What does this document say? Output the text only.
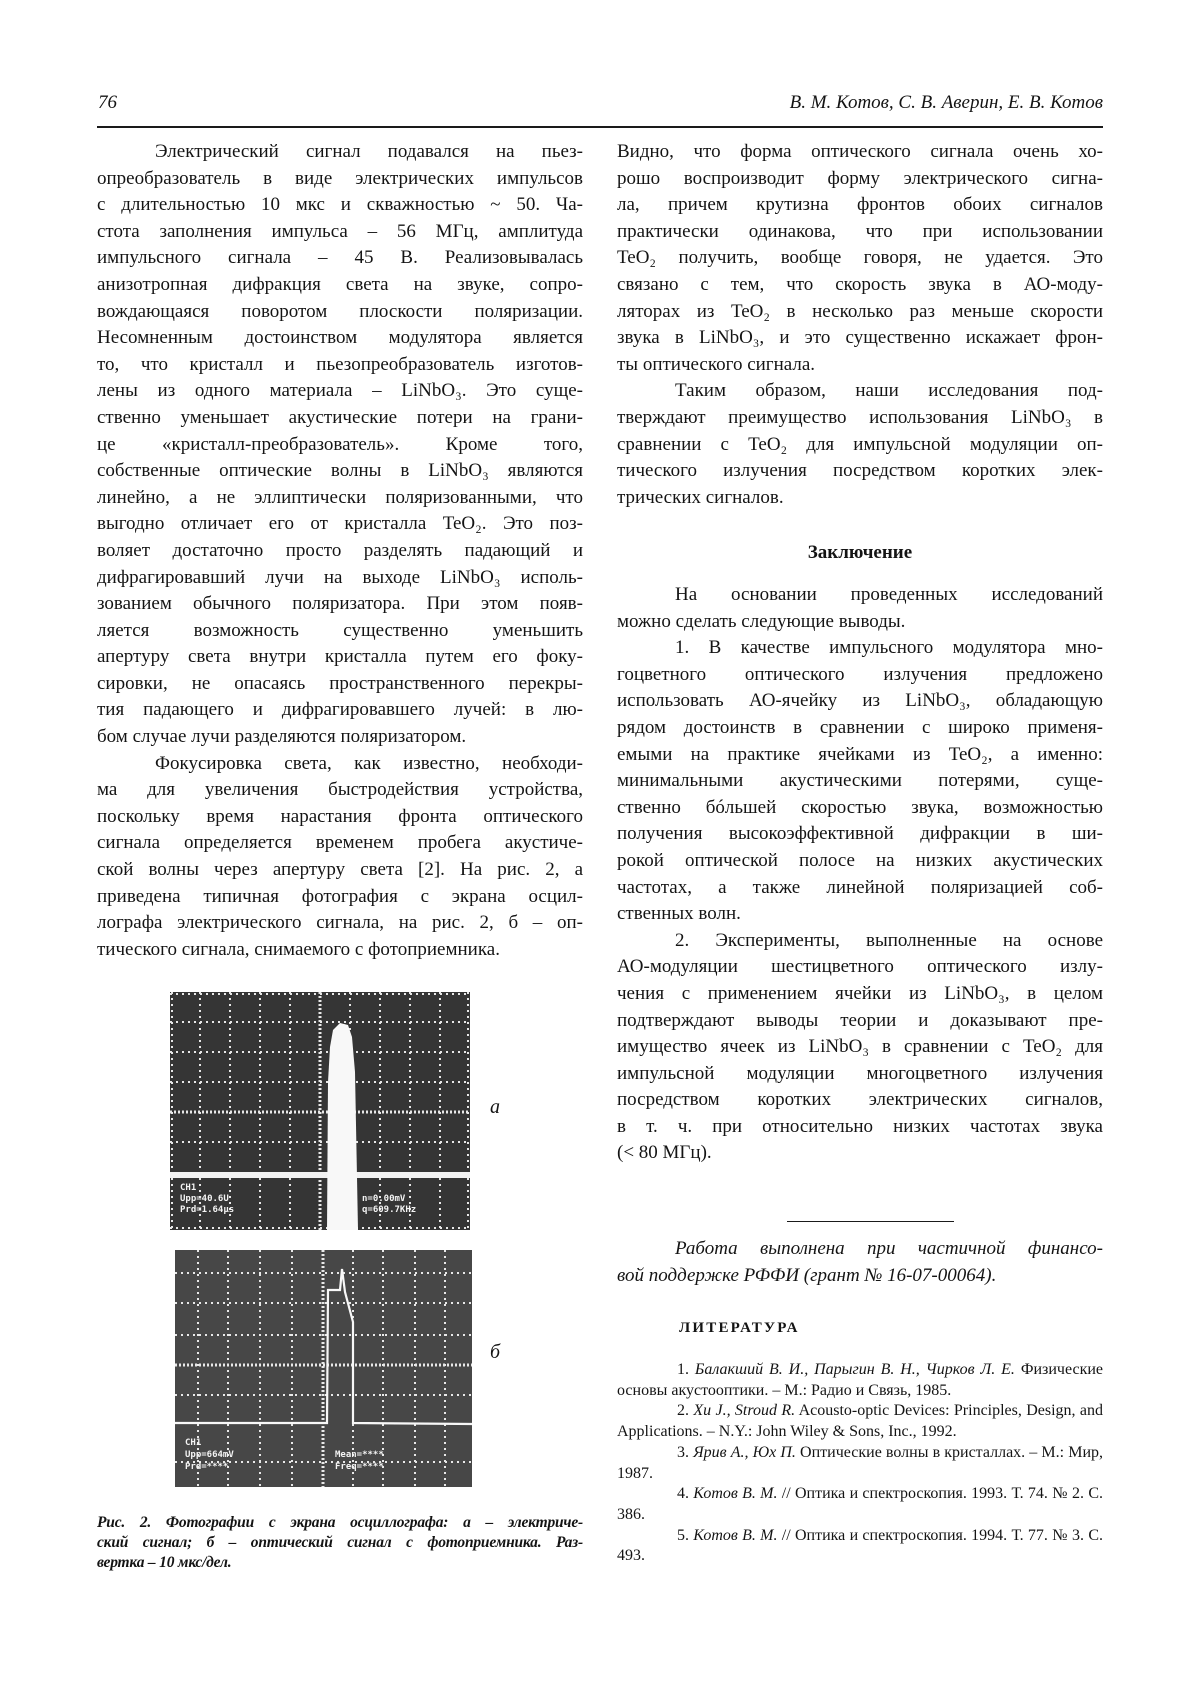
76	В. М. Котов, С. В. Аверин, Е. В. Котов
Электрический сигнал подавался на пьез-
опреобразователь в виде электрических импульсов
с длительностью 10 мкс и скважностью ~ 50. Ча-
стота заполнения импульса – 56 МГц, амплитуда
импульсного сигнала – 45 В. Реализовывалась
анизотропная дифракция света на звуке, сопро-
вождающаяся поворотом плоскости поляризации.
Несомненным достоинством модулятора является
то, что кристалл и пьезопреобразователь изготов-
лены из одного материала – LiNbO₃. Это суще-
ственно уменьшает акустические потери на грани-
це «кристалл-преобразователь». Кроме того,
собственные оптические волны в LiNbO₃ являются
линейно, а не эллиптически поляризованными, что
выгодно отличает его от кристалла TeO₂. Это поз-
воляет достаточно просто разделять падающий и
дифрагировавший лучи на выходе LiNbO₃ исполь-
зованием обычного поляризатора. При этом появ-
ляется возможность существенно уменьшить
апертуру света внутри кристалла путем его фоку-
сировки, не опасаясь пространственного перекры-
тия падающего и дифрагировавшего лучей: в лю-
бом случае лучи разделяются поляризатором.
Фокусировка света, как известно, необходи-
ма для увеличения быстродействия устройства,
поскольку время нарастания фронта оптического
сигнала определяется временем пробега акустиче-
ской волны через апертуру света [2]. На рис. 2, а
приведена типичная фотография с экрана осцил-
лографа электрического сигнала, на рис. 2, б – оп-
тического сигнала, снимаемого с фотоприемника.
CH1
Upp=40.6U
Prd=1.64μs
n=0.00mV
q=609.7KHz
а
CH1
Upp=664mV
Prd=****
Mean=****
Freq=****
б
Рис. 2. Фотографии с экрана осциллографа: а – электриче-
ский сигнал; б – оптический сигнал с фотоприемника. Раз-
вертка – 10 мкс/дел.
Видно, что форма оптического сигнала очень хо-
рошо воспроизводит форму электрического сигна-
ла, причем крутизна фронтов обоих сигналов
практически одинакова, что при использовании
TeO₂ получить, вообще говоря, не удается. Это
связано с тем, что скорость звука в АО-моду-
ляторах из TeO₂ в несколько раз меньше скорости
звука в LiNbO₃, и это существенно искажает фрон-
ты оптического сигнала.
Таким образом, наши исследования под-
тверждают преимущество использования LiNbO₃ в
сравнении с TeO₂ для импульсной модуляции оп-
тического излучения посредством коротких элек-
трических сигналов.
Заключение
На основании проведенных исследований
можно сделать следующие выводы.
1. В качестве импульсного модулятора мно-
гоцветного оптического излучения предложено
использовать АО-ячейку из LiNbO₃, обладающую
рядом достоинств в сравнении с широко применя-
емыми на практике ячейками из TeO₂, а именно:
минимальными акустическими потерями, суще-
ственно бóльшей скоростью звука, возможностью
получения высокоэффективной дифракции в ши-
рокой оптической полосе на низких акустических
частотах, а также линейной поляризацией соб-
ственных волн.
2. Эксперименты, выполненные на основе
АО-модуляции шестицветного оптического излу-
чения с применением ячейки из LiNbO₃, в целом
подтверждают выводы теории и доказывают пре-
имущество ячеек из LiNbO₃ в сравнении с TeO₂ для
импульсной модуляции многоцветного излучения
посредством коротких электрических сигналов,
в т. ч. при относительно низких частотах звука
(< 80 МГц).
Работа выполнена при частичной финансо-
вой поддержке РФФИ (грант № 16-07-00064).
ЛИТЕРАТУРА
1. Балакший В. И., Парыгин В. Н., Чирков Л. Е. Физические основы акустооптики. – М.: Радио и Связь, 1985.
2. Xu J., Stroud R. Acousto-optic Devices: Principles, Design, and Applications. – N.Y.: John Wiley & Sons, Inc., 1992.
3. Ярив А., Юх П. Оптические волны в кристаллах. – М.: Мир, 1987.
4. Котов В. М. // Оптика и спектроскопия. 1993. Т. 74. № 2. С. 386.
5. Котов В. М. // Оптика и спектроскопия. 1994. Т. 77. № 3. С. 493.
